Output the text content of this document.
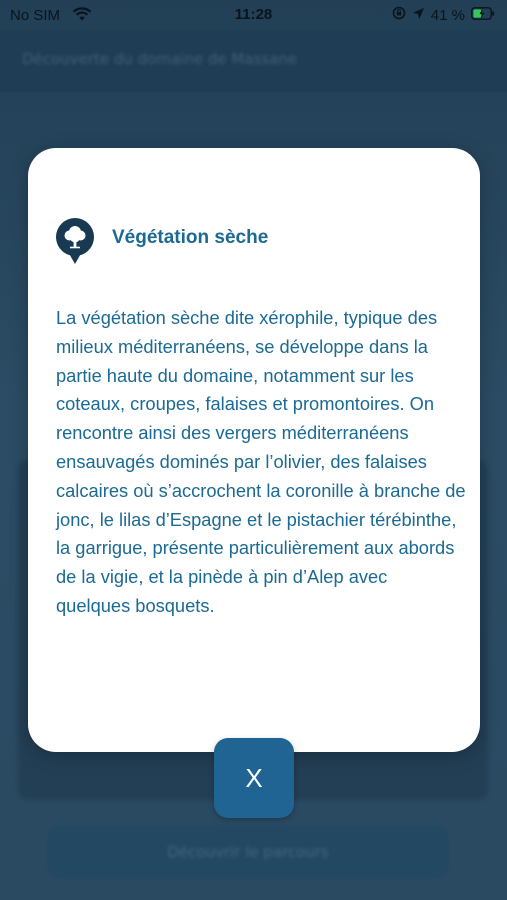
Découverte du domaine de Massane
Découvrir le parcours
No SIM	11:28	41 %
Végétation sèche

La végétation sèche dite xérophile, typique des milieux méditerranéens, se développe dans la partie haute du domaine, notamment sur les coteaux, croupes, falaises et promontoires. On rencontre ainsi des vergers méditerranéens ensauvagés dominés par l’olivier, des falaises calcaires où s’accrochent la coronille à branche de jonc, le lilas d’Espagne et le pistachier térébinthe, la garrigue, présente particulièrement aux abords de la vigie, et la pinède à pin d’Alep avec quelques bosquets.

X
